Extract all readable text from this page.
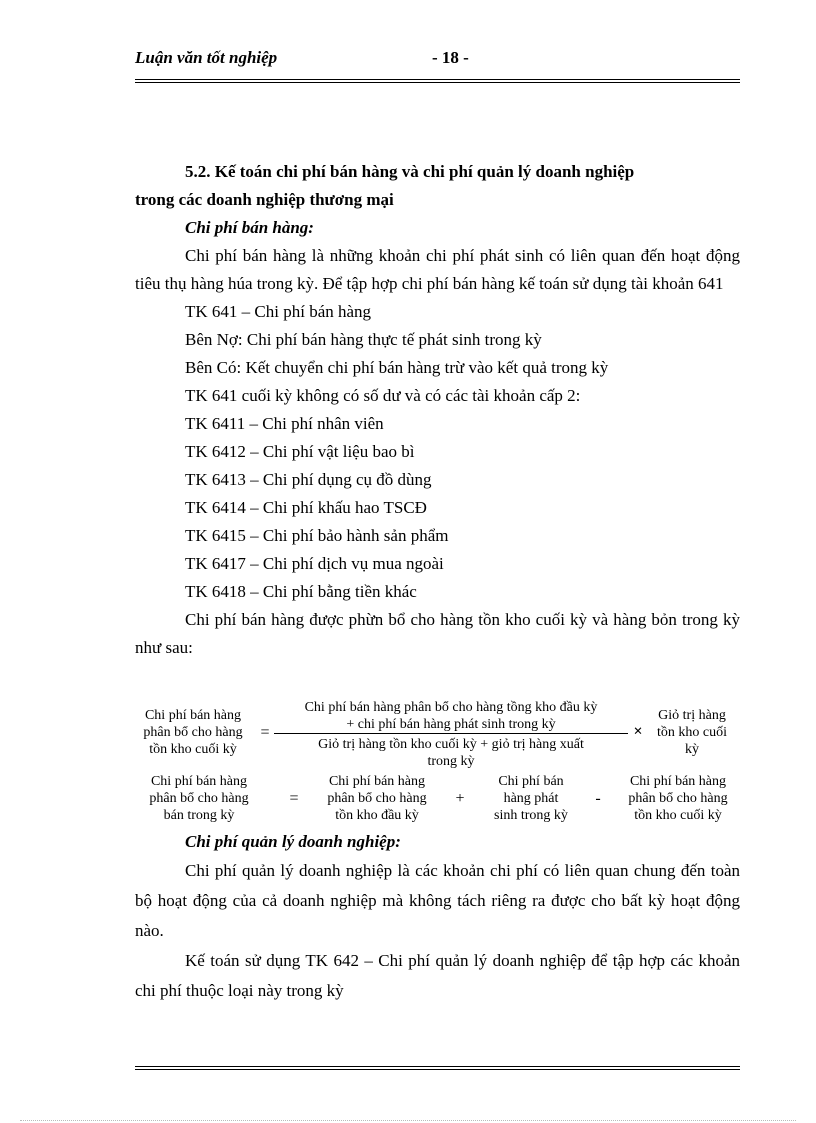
Luận văn tốt nghiệp	- 18 -
5.2. Kế toán chi phí bán hàng và chi phí quản lý doanh nghiệp
trong các doanh nghiệp thương mại
Chi phí bán hàng:
Chi phí bán hàng là những khoản chi phí phát sinh có liên quan đến hoạt động tiêu thụ hàng húa trong kỳ. Để tập hợp chi phí bán hàng kế toán sử dụng tài khoản 641
TK 641 – Chi phí bán hàng
Bên Nợ: Chi phí bán hàng thực tế phát sinh trong kỳ
Bên Có: Kết chuyển chi phí bán hàng trừ vào kết quả trong kỳ
TK 641 cuối kỳ không có số dư và có các tài khoản cấp 2:
TK 6411 – Chi phí nhân viên
TK 6412 – Chi phí vật liệu bao bì
TK 6413 – Chi phí dụng cụ đồ dùng
TK 6414 – Chi phí khấu hao TSCĐ
TK 6415 – Chi phí bảo hành sản phẩm
TK 6417 – Chi phí dịch vụ mua ngoài
TK 6418 – Chi phí bằng tiền khác
Chi phí bán hàng được phừn bổ cho hàng tồn kho cuối kỳ và hàng bỏn trong kỳ như sau:
Chi phí bán hàng
phân bổ cho hàng
tồn kho cuối kỳ
=
Chi phí bán hàng phân bổ cho hàng tồng kho đầu kỳ
+ chi phí bán hàng phát sinh trong kỳ
Giỏ trị hàng tồn kho cuối kỳ + giỏ trị hàng xuất
trong kỳ
×
Giỏ trị hàng
tồn kho cuối
kỳ
Chi phí bán hàng
phân bổ cho hàng
bán trong kỳ
=
Chi phí bán hàng
phân bổ cho hàng
tồn kho đầu kỳ
+
Chi phí bán
hàng phát
sinh trong kỳ
-
Chi phí bán hàng
phân bổ cho hàng
tồn kho cuối kỳ
Chi phí quản lý doanh nghiệp:
Chi phí quản lý doanh nghiệp là các khoản chi phí có liên quan chung đến toàn bộ hoạt động của cả doanh nghiệp mà không tách riêng ra được cho bất kỳ hoạt động nào.
Kế toán sử dụng TK 642 – Chi phí quản lý doanh nghiệp để tập hợp các khoản chi phí thuộc loại này trong kỳ
